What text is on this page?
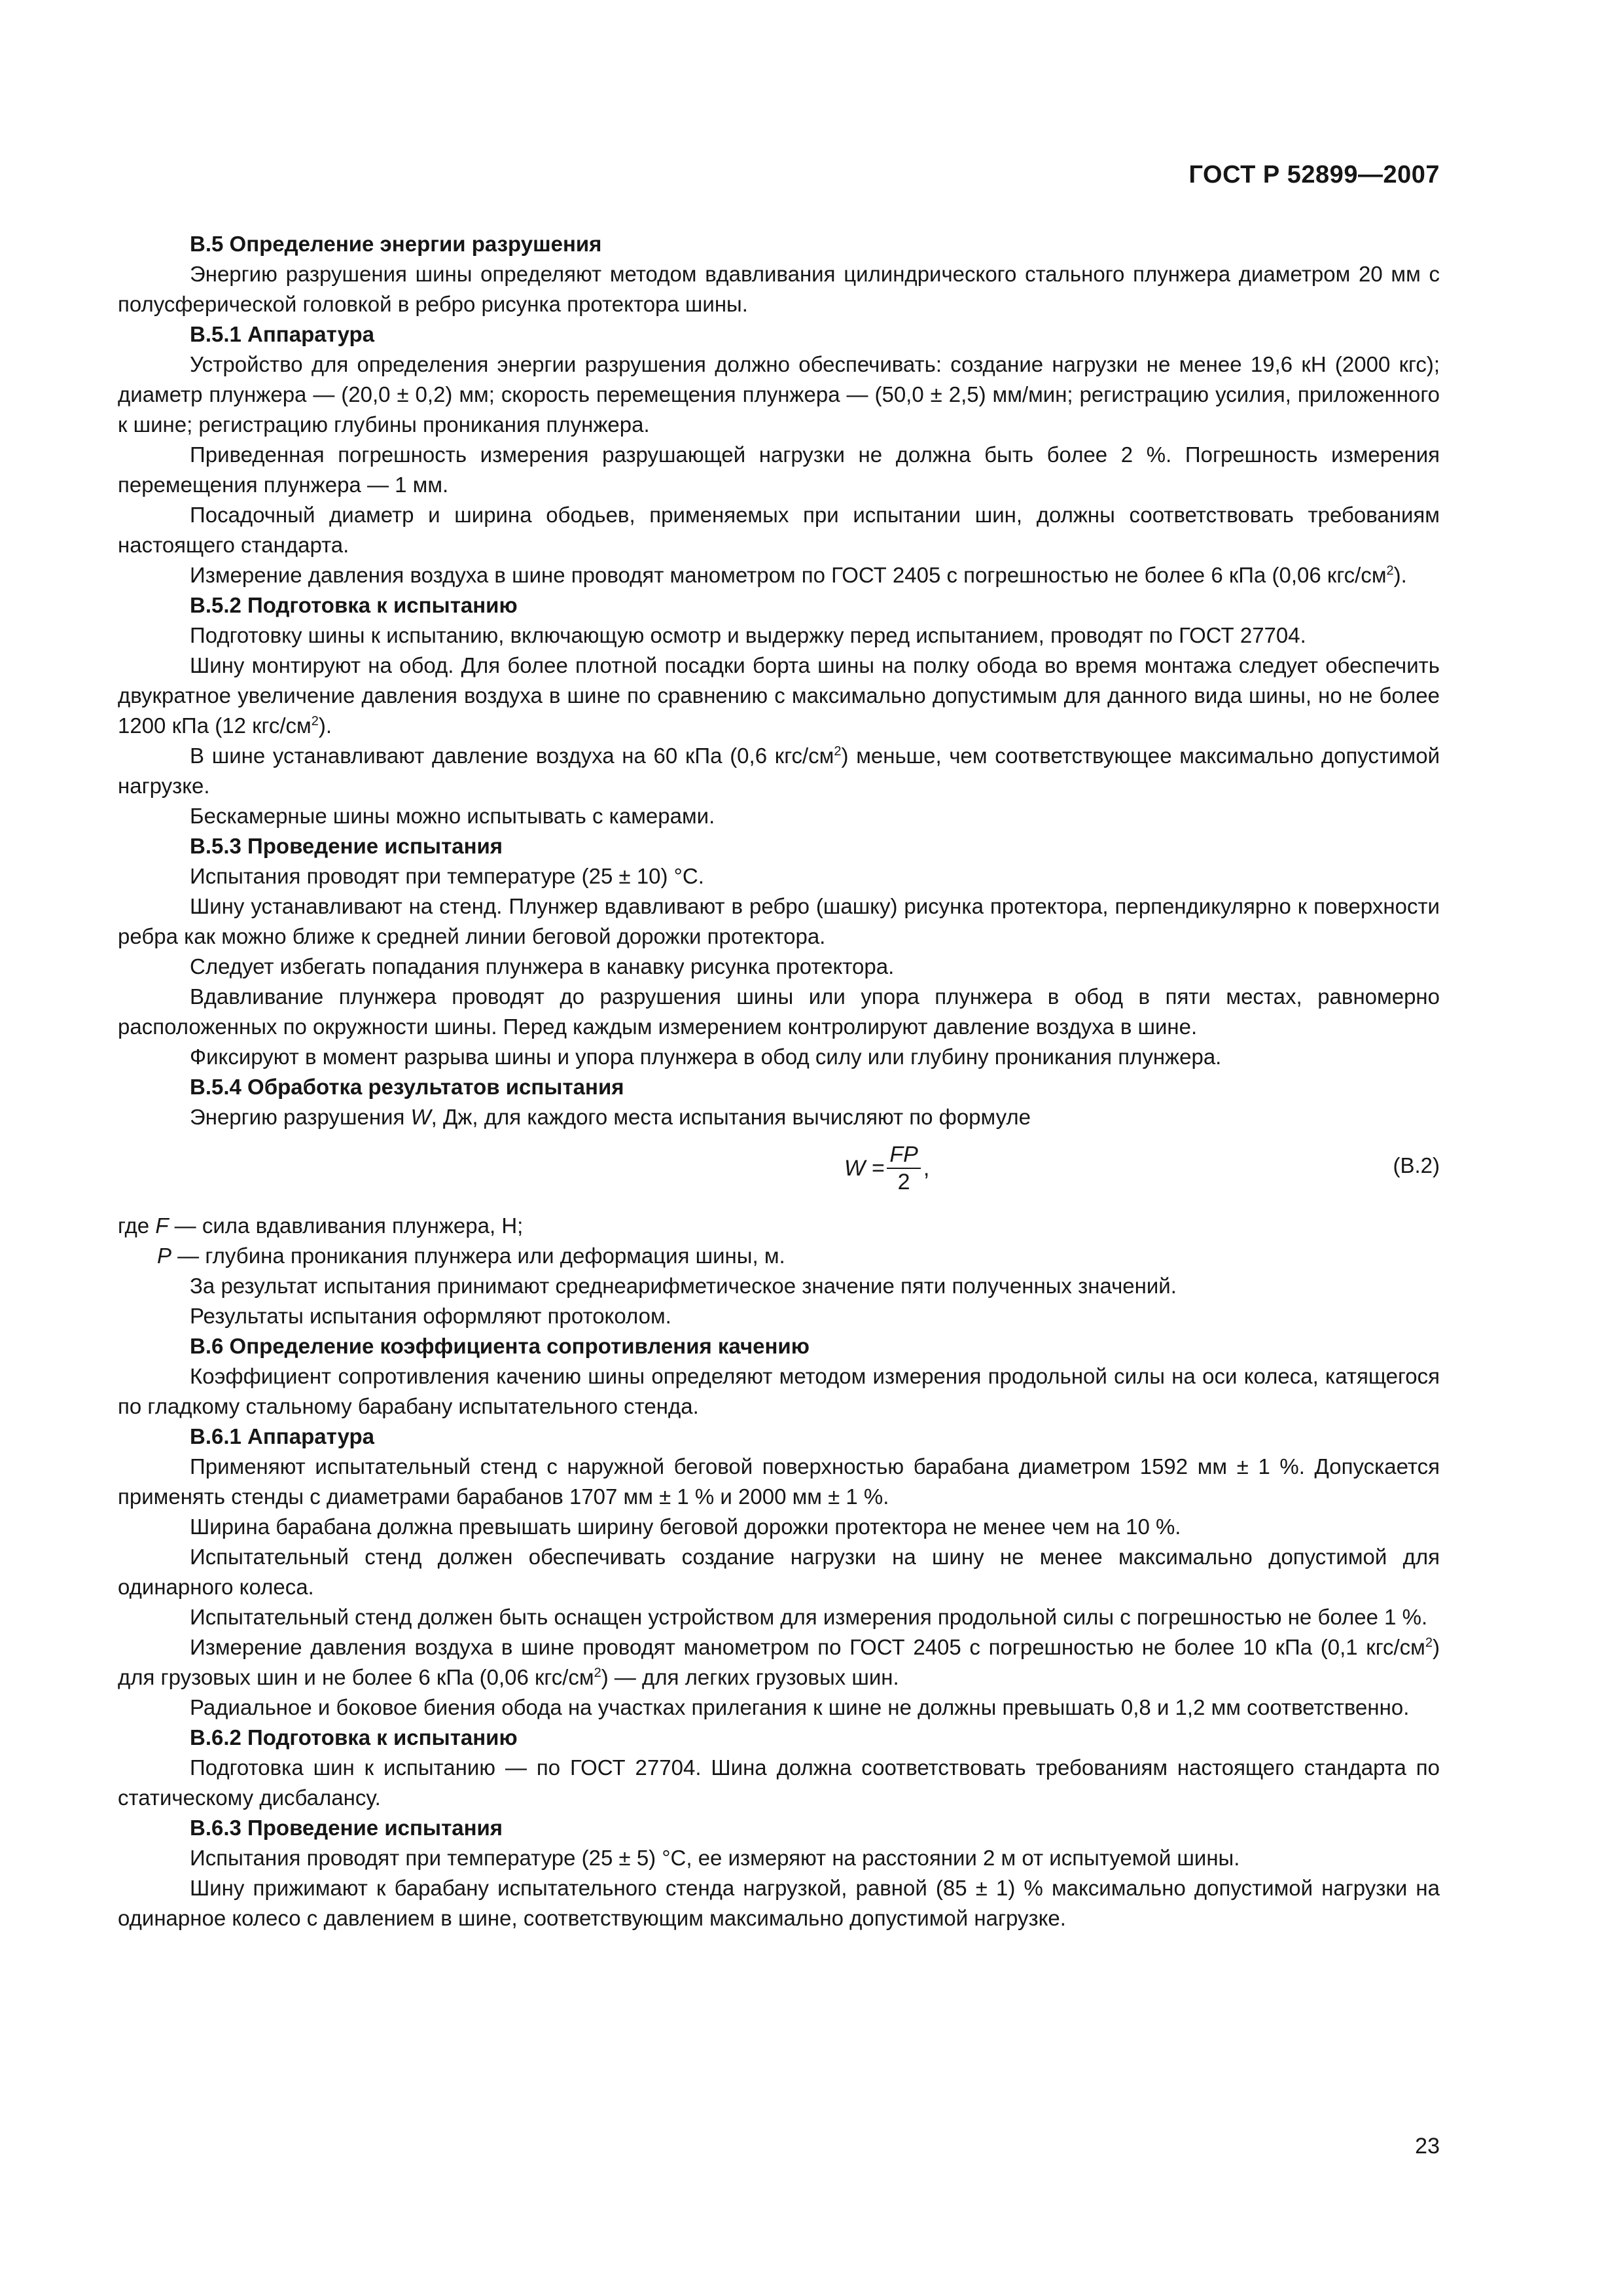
ГОСТ Р 52899—2007

В.5 Определение энергии разрушения

Энергию разрушения шины определяют методом вдавливания цилиндрического стального плунжера диаметром 20 мм с полусферической головкой в ребро рисунка протектора шины.

В.5.1 Аппаратура

Устройство для определения энергии разрушения должно обеспечивать: создание нагрузки не менее 19,6 кН (2000 кгс); диаметр плунжера — (20,0 ± 0,2) мм; скорость перемещения плунжера — (50,0 ± 2,5) мм/мин; регистрацию усилия, приложенного к шине; регистрацию глубины проникания плунжера.

Приведенная погрешность измерения разрушающей нагрузки не должна быть более 2 %. Погрешность измерения перемещения плунжера — 1 мм.

Посадочный диаметр и ширина ободьев, применяемых при испытании шин, должны соответствовать требованиям настоящего стандарта.

Измерение давления воздуха в шине проводят манометром по ГОСТ 2405 с погрешностью не более 6 кПа (0,06 кгс/$см^2$).

В.5.2 Подготовка к испытанию

Подготовку шины к испытанию, включающую осмотр и выдержку перед испытанием, проводят по ГОСТ 27704.

Шину монтируют на обод. Для более плотной посадки борта шины на полку обода во время монтажа следует обеспечить двукратное увеличение давления воздуха в шине по сравнению с максимально допустимым для данного вида шины, но не более 1200 кПа (12 кгс/$см^2$).

В шине устанавливают давление воздуха на 60 кПа (0,6 кгс/$см^2$) меньше, чем соответствующее максимально допустимой нагрузке.

Бескамерные шины можно испытывать с камерами.

В.5.3 Проведение испытания

Испытания проводят при температуре (25 ± 10) °С.

Шину устанавливают на стенд. Плунжер вдавливают в ребро (шашку) рисунка протектора, перпендикулярно к поверхности ребра как можно ближе к средней линии беговой дорожки протектора.

Следует избегать попадания плунжера в канавку рисунка протектора.

Вдавливание плунжера проводят до разрушения шины или упора плунжера в обод в пяти местах, равномерно расположенных по окружности шины. Перед каждым измерением контролируют давление воздуха в шине.

Фиксируют в момент разрыва шины и упора плунжера в обод силу или глубину проникания плунжера.

В.5.4 Обработка результатов испытания

Энергию разрушения W, Дж, для каждого места испытания вычисляют по формуле

$W = \frac{FP}{2}$ ,	(В.2)

где F — сила вдавливания плунжера, Н;

P — глубина проникания плунжера или деформация шины, м.

За результат испытания принимают среднеарифметическое значение пяти полученных значений.

Результаты испытания оформляют протоколом.

В.6 Определение коэффициента сопротивления качению

Коэффициент сопротивления качению шины определяют методом измерения продольной силы на оси колеса, катящегося по гладкому стальному барабану испытательного стенда.

В.6.1 Аппаратура

Применяют испытательный стенд с наружной беговой поверхностью барабана диаметром 1592 мм ± 1 %. Допускается применять стенды с диаметрами барабанов 1707 мм ± 1 % и 2000 мм ± 1 %.

Ширина барабана должна превышать ширину беговой дорожки протектора не менее чем на 10 %.

Испытательный стенд должен обеспечивать создание нагрузки на шину не менее максимально допустимой для одинарного колеса.

Испытательный стенд должен быть оснащен устройством для измерения продольной силы с погрешностью не более 1 %.

Измерение давления воздуха в шине проводят манометром по ГОСТ 2405 с погрешностью не более 10 кПа (0,1 кгс/$см^2$) для грузовых шин и не более 6 кПа (0,06 кгс/$см^2$) — для легких грузовых шин.

Радиальное и боковое биения обода на участках прилегания к шине не должны превышать 0,8 и 1,2 мм соответственно.

В.6.2 Подготовка к испытанию

Подготовка шин к испытанию — по ГОСТ 27704. Шина должна соответствовать требованиям настоящего стандарта по статическому дисбалансу.

В.6.3 Проведение испытания

Испытания проводят при температуре (25 ± 5) °С, ее измеряют на расстоянии 2 м от испытуемой шины.

Шину прижимают к барабану испытательного стенда нагрузкой, равной (85 ± 1) % максимально допустимой нагрузки на одинарное колесо с давлением в шине, соответствующим максимально допустимой нагрузке.

23
